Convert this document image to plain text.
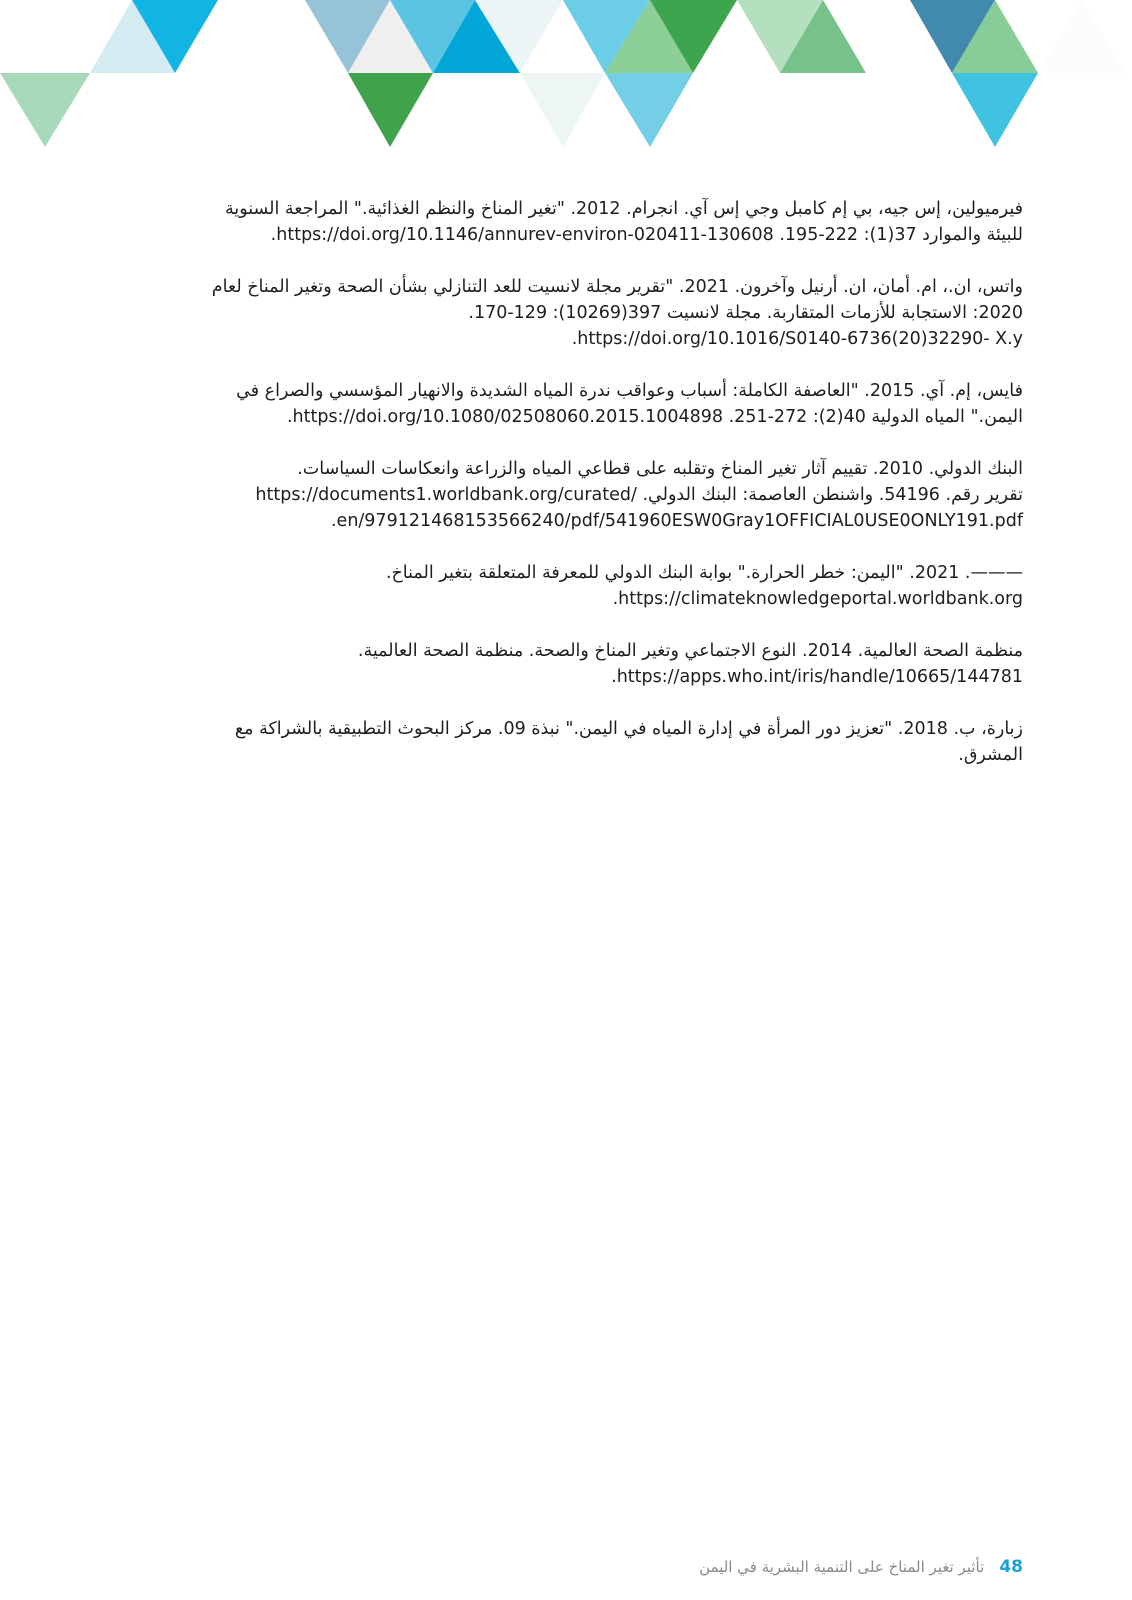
فيرميولين، إس جيه، بي إم كامبل وجي إس آي. انجرام. 2012. "تغير المناخ والنظم الغذائية." المراجعة السنوية
للبيئة والموارد 37(1): 222-195. https://doi.org/10.1146/annurev-environ-020411-130608.
واتس، ان.، ام. أمان، ان. أرنيل وآخرون. 2021. "تقرير مجلة لانسيت للعد التنازلي بشأن الصحة وتغير المناخ لعام
2020: الاستجابة للأزمات المتقاربة. مجلة لانسيت 397(10269): 129-170.
https://doi.org/10.1016/S0140-6736(20)32290- X.y.
فايس، إم. آي. 2015. "العاصفة الكاملة: أسباب وعواقب ندرة المياه الشديدة والانهيار المؤسسي والصراع في
اليمن." المياه الدولية 40(2): 272-251. https://doi.org/10.1080/02508060.2015.1004898.
البنك الدولي. 2010. تقييم آثار تغير المناخ وتقلبه على قطاعي المياه والزراعة وانعكاسات السياسات.
تقرير رقم. 54196. واشنطن العاصمة: البنك الدولي. /https://documents1.worldbank.org/curated
en/979121468153566240/pdf/541960ESW0Gray1OFFICIAL0USE0ONLY191.pdf.
———. 2021. "اليمن: خطر الحرارة." بوابة البنك الدولي للمعرفة المتعلقة بتغير المناخ.
https://climateknowledgeportal.worldbank.org.
منظمة الصحة العالمية. 2014. النوع الاجتماعي وتغير المناخ والصحة. منظمة الصحة العالمية.
https://apps.who.int/iris/handle/10665/144781.
زبارة، ب. 2018. "تعزيز دور المرأة في إدارة المياه في اليمن." نبذة 09. مركز البحوث التطبيقية بالشراكة مع
المشرق.
48 تأثير تغير المناخ على التنمية البشرية في اليمن
